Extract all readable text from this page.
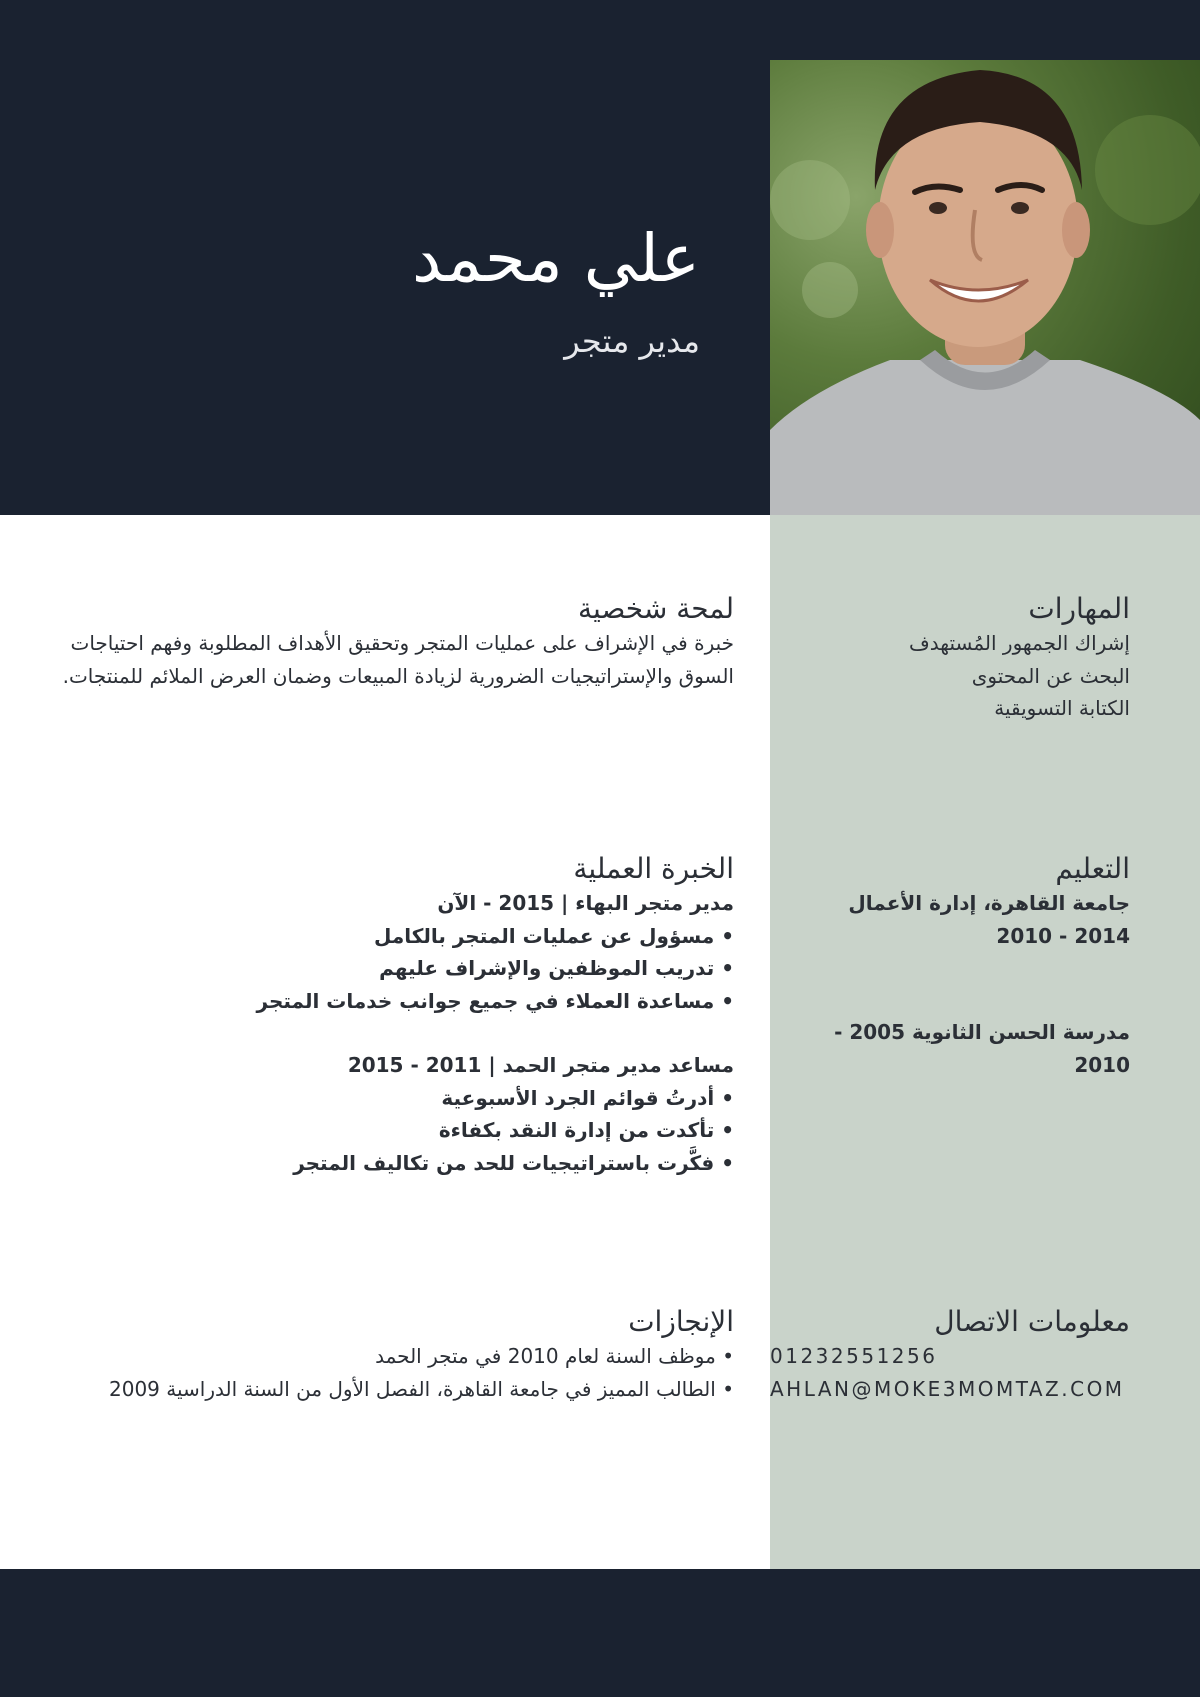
علي محمد
مدير متجر
لمحة شخصية
خبرة في الإشراف على عمليات المتجر وتحقيق الأهداف المطلوبة وفهم احتياجات السوق والإستراتيجيات الضرورية لزيادة المبيعات وضمان العرض الملائم للمنتجات.
المهارات
إشراك الجمهور المُستهدف
البحث عن المحتوى
الكتابة التسويقية
الخبرة العملية
مدير متجر البهاء | 2015 - الآن
• مسؤول عن عمليات المتجر بالكامل
• تدريب الموظفين والإشراف عليهم
• مساعدة العملاء في جميع جوانب خدمات المتجر
مساعد مدير متجر الحمد | 2011 - 2015
• أدرتُ قوائم الجرد الأسبوعية
• تأكدت من إدارة النقد بكفاءة
• فكَّرت باستراتيجيات للحد من تكاليف المتجر
التعليم
جامعة القاهرة، إدارة الأعمال
2014 - 2010
مدرسة الحسن الثانوية 2005 -
2010
الإنجازات
• موظف السنة لعام 2010 في متجر الحمد
• الطالب المميز في جامعة القاهرة، الفصل الأول من السنة الدراسية 2009
معلومات الاتصال
01232551256
AHLAN@MOKE3MOMTAZ.COM
